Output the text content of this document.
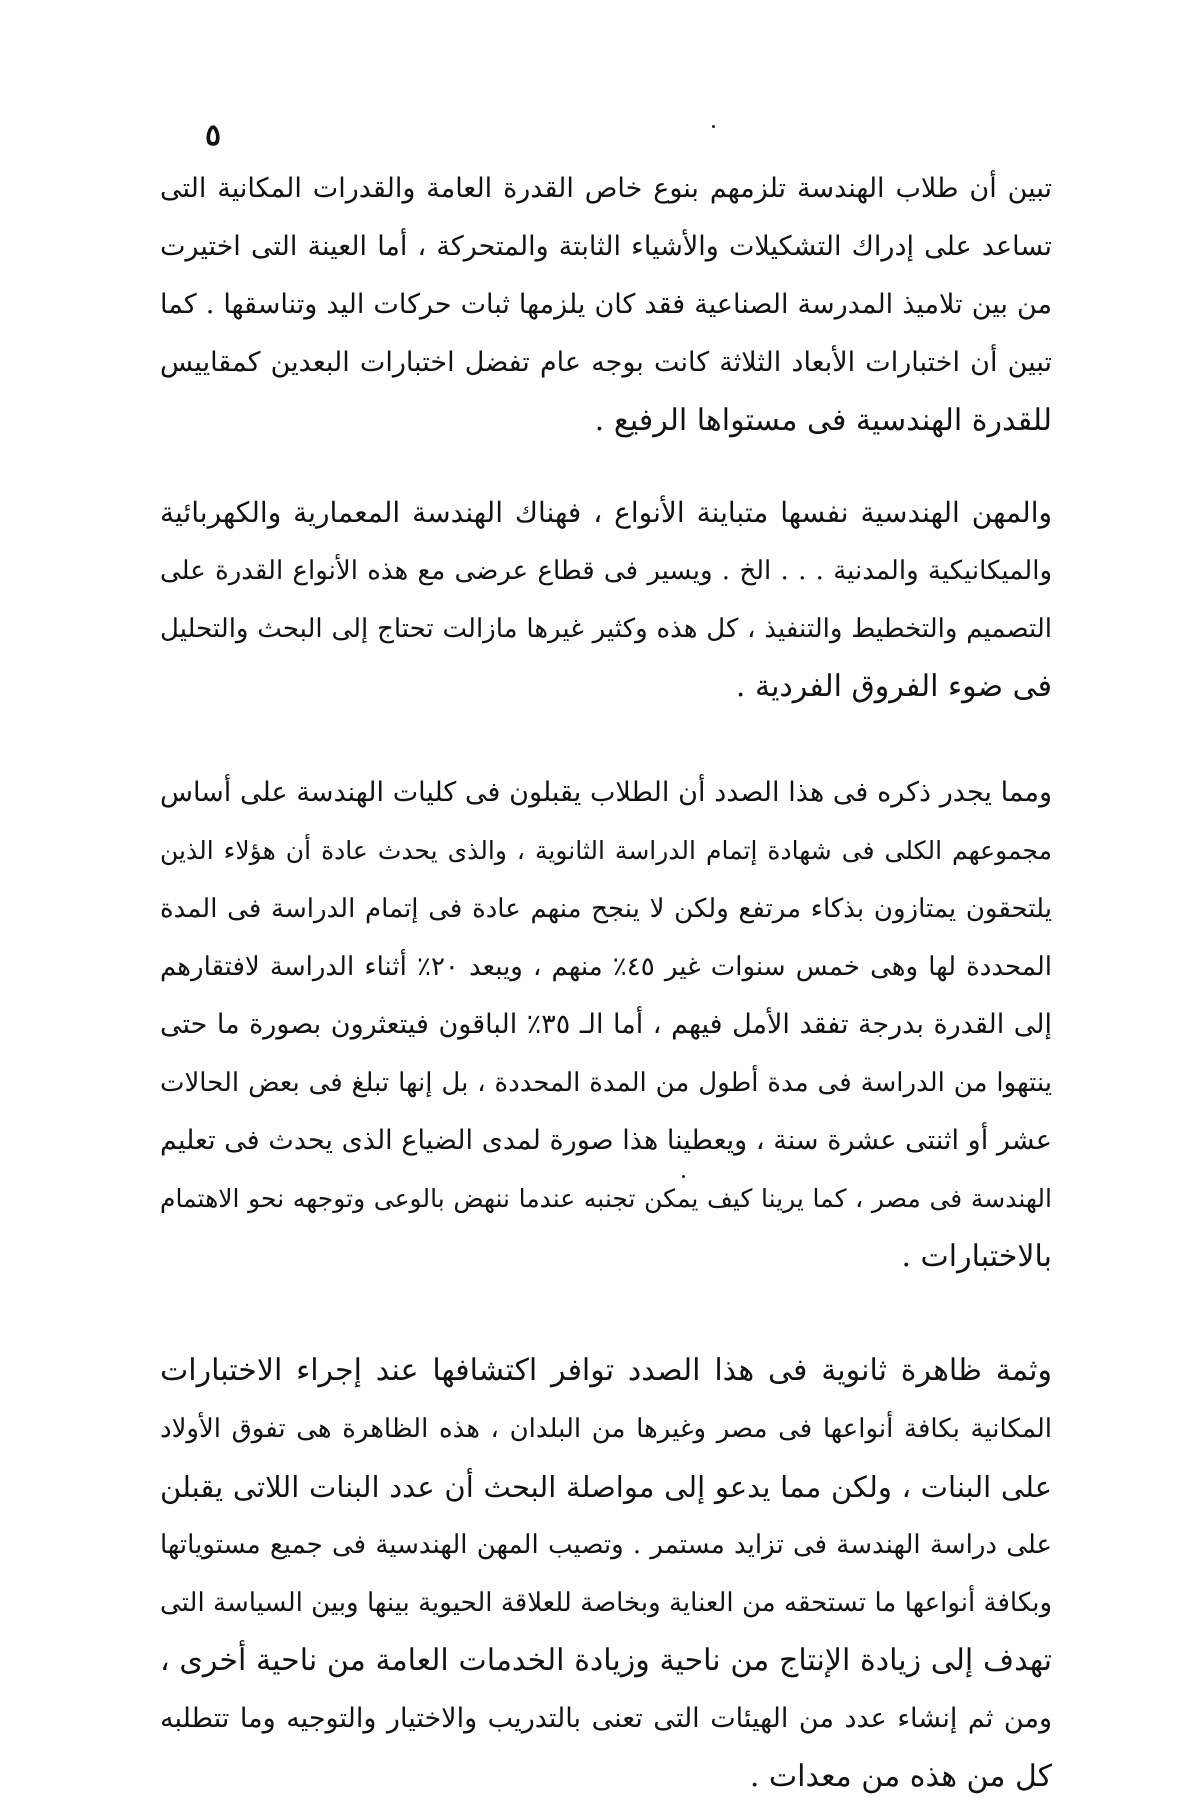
٥
تبين أن طلاب الهندسة تلزمهم بنوع خاص القدرة العامة والقدرات المكانية التى
تساعد على إدراك التشكيلات والأشياء الثابتة والمتحركة ، أما العينة التى اختيرت
من بين تلاميذ المدرسة الصناعية فقد كان يلزمها ثبات حركات اليد وتناسقها . كما
تبين أن اختبارات الأبعاد الثلاثة كانت بوجه عام تفضل اختبارات البعدين كمقاييس
للقدرة الهندسية فى مستواها الرفيع .
والمهن الهندسية نفسها متباينة الأنواع ، فهناك الهندسة المعمارية والكهربائية
والميكانيكية والمدنية . . . الخ . ويسير فى قطاع عرضى مع هذه الأنواع القدرة على
التصميم والتخطيط والتنفيذ ، كل هذه وكثير غيرها مازالت تحتاج إلى البحث والتحليل
فى ضوء الفروق الفردية .
ومما يجدر ذكره فى هذا الصدد أن الطلاب يقبلون فى كليات الهندسة على أساس
مجموعهم الكلى فى شهادة إتمام الدراسة الثانوية ، والذى يحدث عادة أن هؤلاء الذين
يلتحقون يمتازون بذكاء مرتفع ولكن لا ينجح منهم عادة فى إتمام الدراسة فى المدة
المحددة لها وهى خمس سنوات غير ٤٥٪ منهم ، ويبعد ٢٠٪ أثناء الدراسة لافتقارهم
إلى القدرة بدرجة تفقد الأمل فيهم ، أما الـ ٣٥٪ الباقون فيتعثرون بصورة ما حتى
ينتهوا من الدراسة فى مدة أطول من المدة المحددة ، بل إنها تبلغ فى بعض الحالات
عشر أو اثنتى عشرة سنة ، ويعطينا هذا صورة لمدى الضياع الذى يحدث فى تعليم
الهندسة فى مصر ، كما يرينا كيف يمكن تجنبه عندما ننهض بالوعى وتوجهه نحو الاهتمام
بالاختبارات .
وثمة ظاهرة ثانوية فى هذا الصدد توافر اكتشافها عند إجراء الاختبارات
المكانية بكافة أنواعها فى مصر وغيرها من البلدان ، هذه الظاهرة هى تفوق الأولاد
على البنات ، ولكن مما يدعو إلى مواصلة البحث أن عدد البنات اللاتى يقبلن
على دراسة الهندسة فى تزايد مستمر . وتصيب المهن الهندسية فى جميع مستوياتها
وبكافة أنواعها ما تستحقه من العناية وبخاصة للعلاقة الحيوية بينها وبين السياسة التى
تهدف إلى زيادة الإنتاج من ناحية وزيادة الخدمات العامة من ناحية أخرى ،
ومن ثم إنشاء عدد من الهيئات التى تعنى بالتدريب والاختيار والتوجيه وما تتطلبه
كل من هذه من معدات .
